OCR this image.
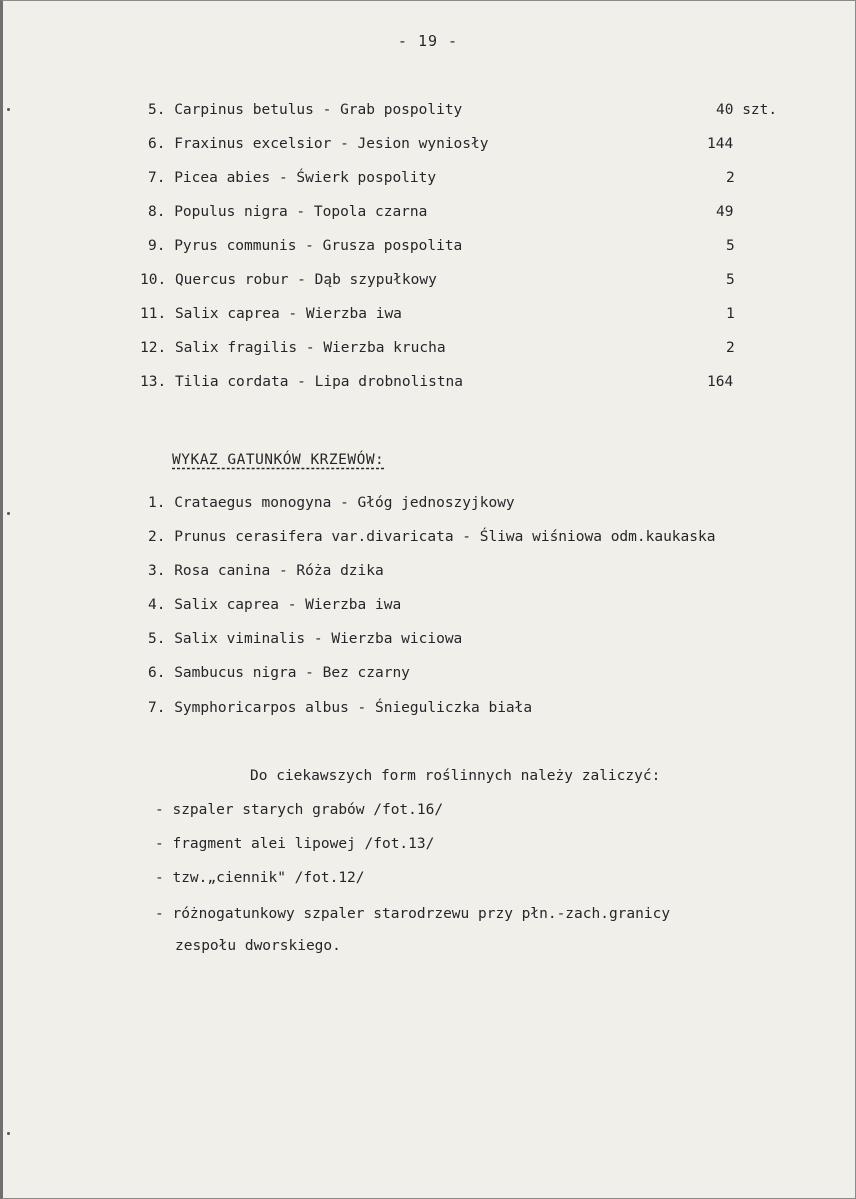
- 19 -
5. Carpinus betulus - Grab pospolity	40 szt.
6. Fraxinus excelsior - Jesion wyniosły	144
7. Picea abies - Świerk pospolity	2
8. Populus nigra - Topola czarna	49
9. Pyrus communis - Grusza pospolita	5
10. Quercus robur - Dąb szypułkowy	5
11. Salix caprea - Wierzba iwa	1
12. Salix fragilis - Wierzba krucha	2
13. Tilia cordata - Lipa drobnolistna	164
WYKAZ GATUNKÓW KRZEWÓW:
1. Crataegus monogyna - Głóg jednoszyjkowy
2. Prunus cerasifera var.divaricata - Śliwa wiśniowa odm.kaukaska
3. Rosa canina - Róża dzika
4. Salix caprea - Wierzba iwa
5. Salix viminalis - Wierzba wiciowa
6. Sambucus nigra - Bez czarny
7. Symphoricarpos albus - Śnieguliczka biała
Do ciekawszych form roślinnych należy zaliczyć:
- szpaler starych grabów /fot.16/
- fragment alei lipowej /fot.13/
- tzw.„ciennik" /fot.12/
- różnogatunkowy szpaler starodrzewu przy płn.-zach.granicy
zespołu dworskiego.
